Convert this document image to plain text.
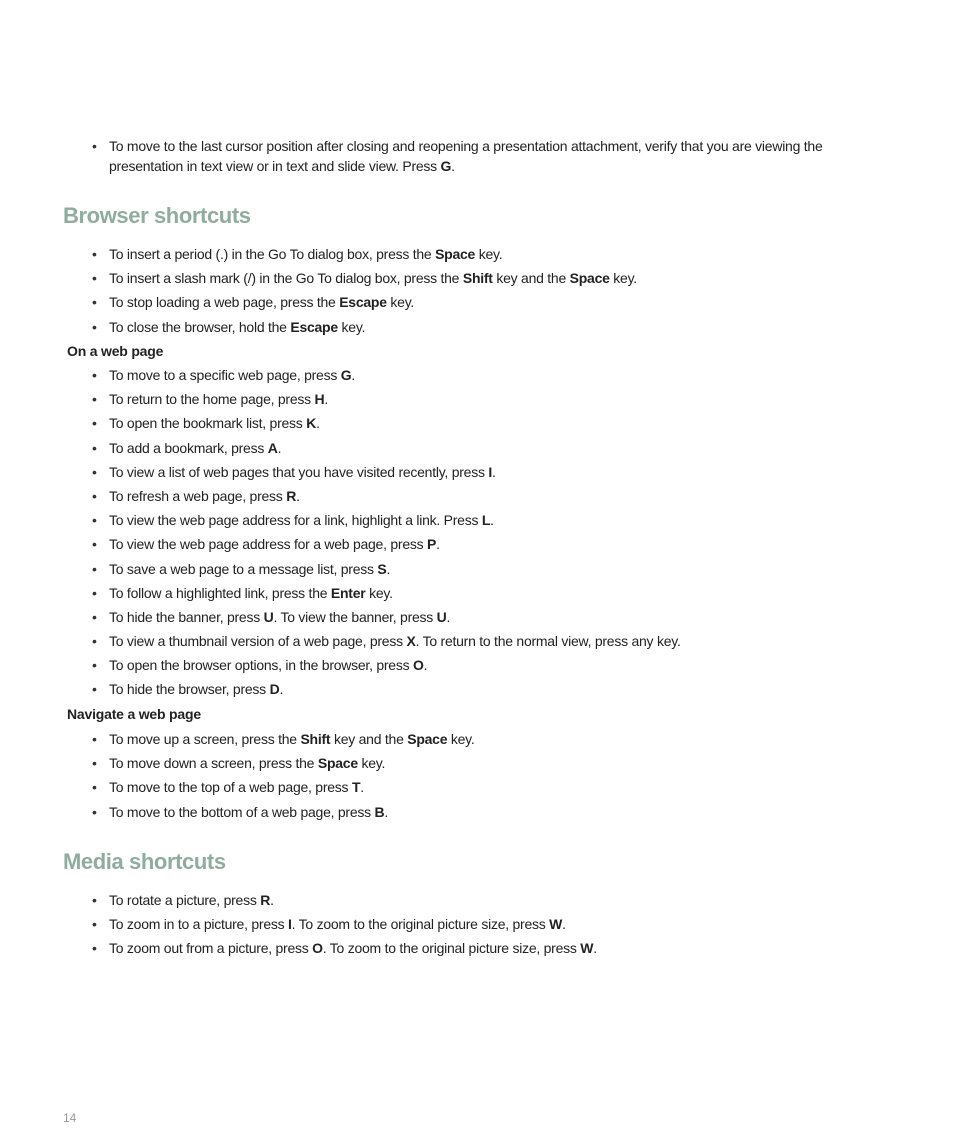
• To move to the last cursor position after closing and reopening a presentation attachment, verify that you are viewing the presentation in text view or in text and slide view. Press G.
Browser shortcuts
• To insert a period (.) in the Go To dialog box, press the Space key.
• To insert a slash mark (/) in the Go To dialog box, press the Shift key and the Space key.
• To stop loading a web page, press the Escape key.
• To close the browser, hold the Escape key.
On a web page
• To move to a specific web page, press G.
• To return to the home page, press H.
• To open the bookmark list, press K.
• To add a bookmark, press A.
• To view a list of web pages that you have visited recently, press I.
• To refresh a web page, press R.
• To view the web page address for a link, highlight a link. Press L.
• To view the web page address for a web page, press P.
• To save a web page to a message list, press S.
• To follow a highlighted link, press the Enter key.
• To hide the banner, press U. To view the banner, press U.
• To view a thumbnail version of a web page, press X. To return to the normal view, press any key.
• To open the browser options, in the browser, press O.
• To hide the browser, press D.
Navigate a web page
• To move up a screen, press the Shift key and the Space key.
• To move down a screen, press the Space key.
• To move to the top of a web page, press T.
• To move to the bottom of a web page, press B.
Media shortcuts
• To rotate a picture, press R.
• To zoom in to a picture, press I. To zoom to the original picture size, press W.
• To zoom out from a picture, press O. To zoom to the original picture size, press W.
14
